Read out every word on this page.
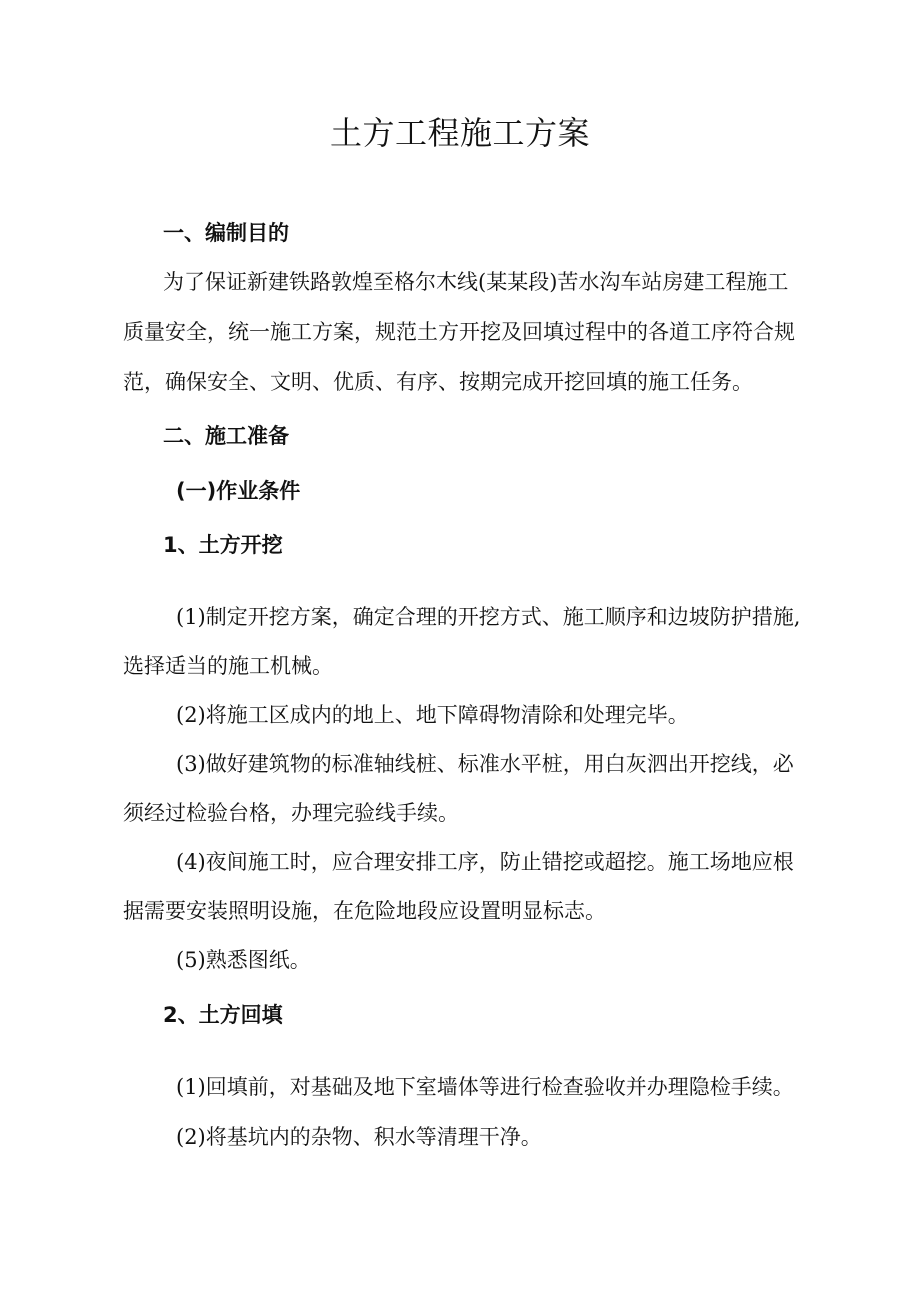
土方工程施工方案
一、编制目的
为了保证新建铁路敦煌至格尔木线(某某段)苦水沟车站房建工程施工
质量安全，统一施工方案，规范土方开挖及回填过程中的各道工序符合规
范，确保安全、文明、优质、有序、按期完成开挖回填的施工任务。
二、施工准备
(一)作业条件
1、土方开挖
(1)制定开挖方案，确定合理的开挖方式、施工顺序和边坡防护措施,
选择适当的施工机械。
(2)将施工区成内的地上、地下障碍物清除和处理完毕。
(3)做好建筑物的标准轴线桩、标准水平桩，用白灰泗出开挖线，必
须经过检验台格，办理完验线手续。
(4)夜间施工时，应合理安排工序，防止错挖或超挖。施工场地应根
据需要安装照明设施，在危险地段应设置明显标志。
(5)熟悉图纸。
2、土方回填
(1)回填前，对基础及地下室墙体等进行检查验收并办理隐检手续。
(2)将基坑内的杂物、积水等清理干净。
